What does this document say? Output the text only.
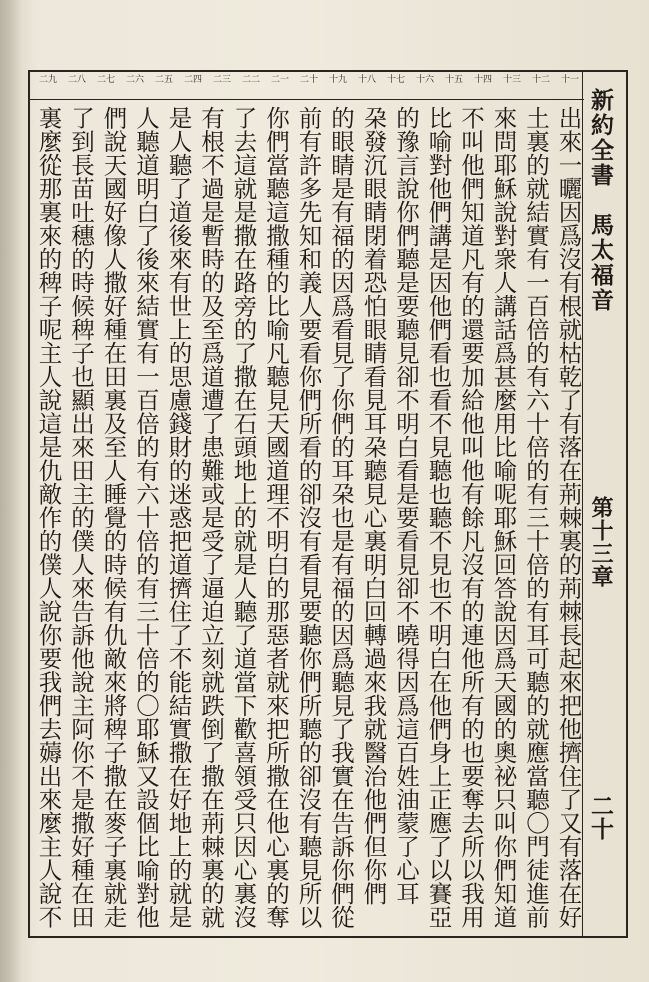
新約全書　馬太福音
第十三章
二十
二九	二八	二七	二六	二五	二四	二三	二二	二一	二十	十九	十八	十七	十六	十五	十四	十三	十二	十一
出來一曬因爲沒有根就枯乾了有落在荊棘裏的荊棘長起來把他擠住了又有落在好
土裏的就結實有一百倍的有六十倍的有三十倍的有耳可聽的就應當聽〇門徒進前
來問耶穌說對衆人講話爲甚麼用比喻呢耶穌回答說因爲天國的奧祕只叫你們知道
不叫他們知道凡有的還要加給他叫他有餘凡沒有的連他所有的也要奪去所以我用
比喻對他們講是因他們看也看不見聽也聽不見也不明白在他們身上正應了以賽亞
的豫言說你們聽是要聽見卻不明白看是要看見卻不曉得因爲這百姓油蒙了心耳
朶發沉眼睛閉着恐怕眼睛看見耳朶聽見心裏明白回轉過來我就醫治他們但你們
的眼睛是有福的因爲看見了你們的耳朶也是有福的因爲聽見了我實在告訴你們從
前有許多先知和義人要看你們所看的卻沒有看見要聽你們所聽的卻沒有聽見所以
你們當聽這撒種的比喻凡聽見天國道理不明白的那惡者就來把所撒在他心裏的奪
了去這就是撒在路旁的了撒在石頭地上的就是人聽了道當下歡喜領受只因心裏沒
有根不過是暫時的及至爲道遭了患難或是受了逼迫立刻就跌倒了撒在荊棘裏的就
是人聽了道後來有世上的思慮錢財的迷惑把道擠住了不能結實撒在好地上的就是
人聽道明白了後來結實有一百倍的有六十倍的有三十倍的〇耶穌又設個比喻對他
們說天國好像人撒好種在田裏及至人睡覺的時候有仇敵來將稗子撒在麥子裏就走
了到長苗吐穗的時候稗子也顯出來田主的僕人來告訴他說主阿你不是撒好種在田
裏麼從那裏來的稗子呢主人說這是仇敵作的僕人說你要我們去薅出來麼主人說不
